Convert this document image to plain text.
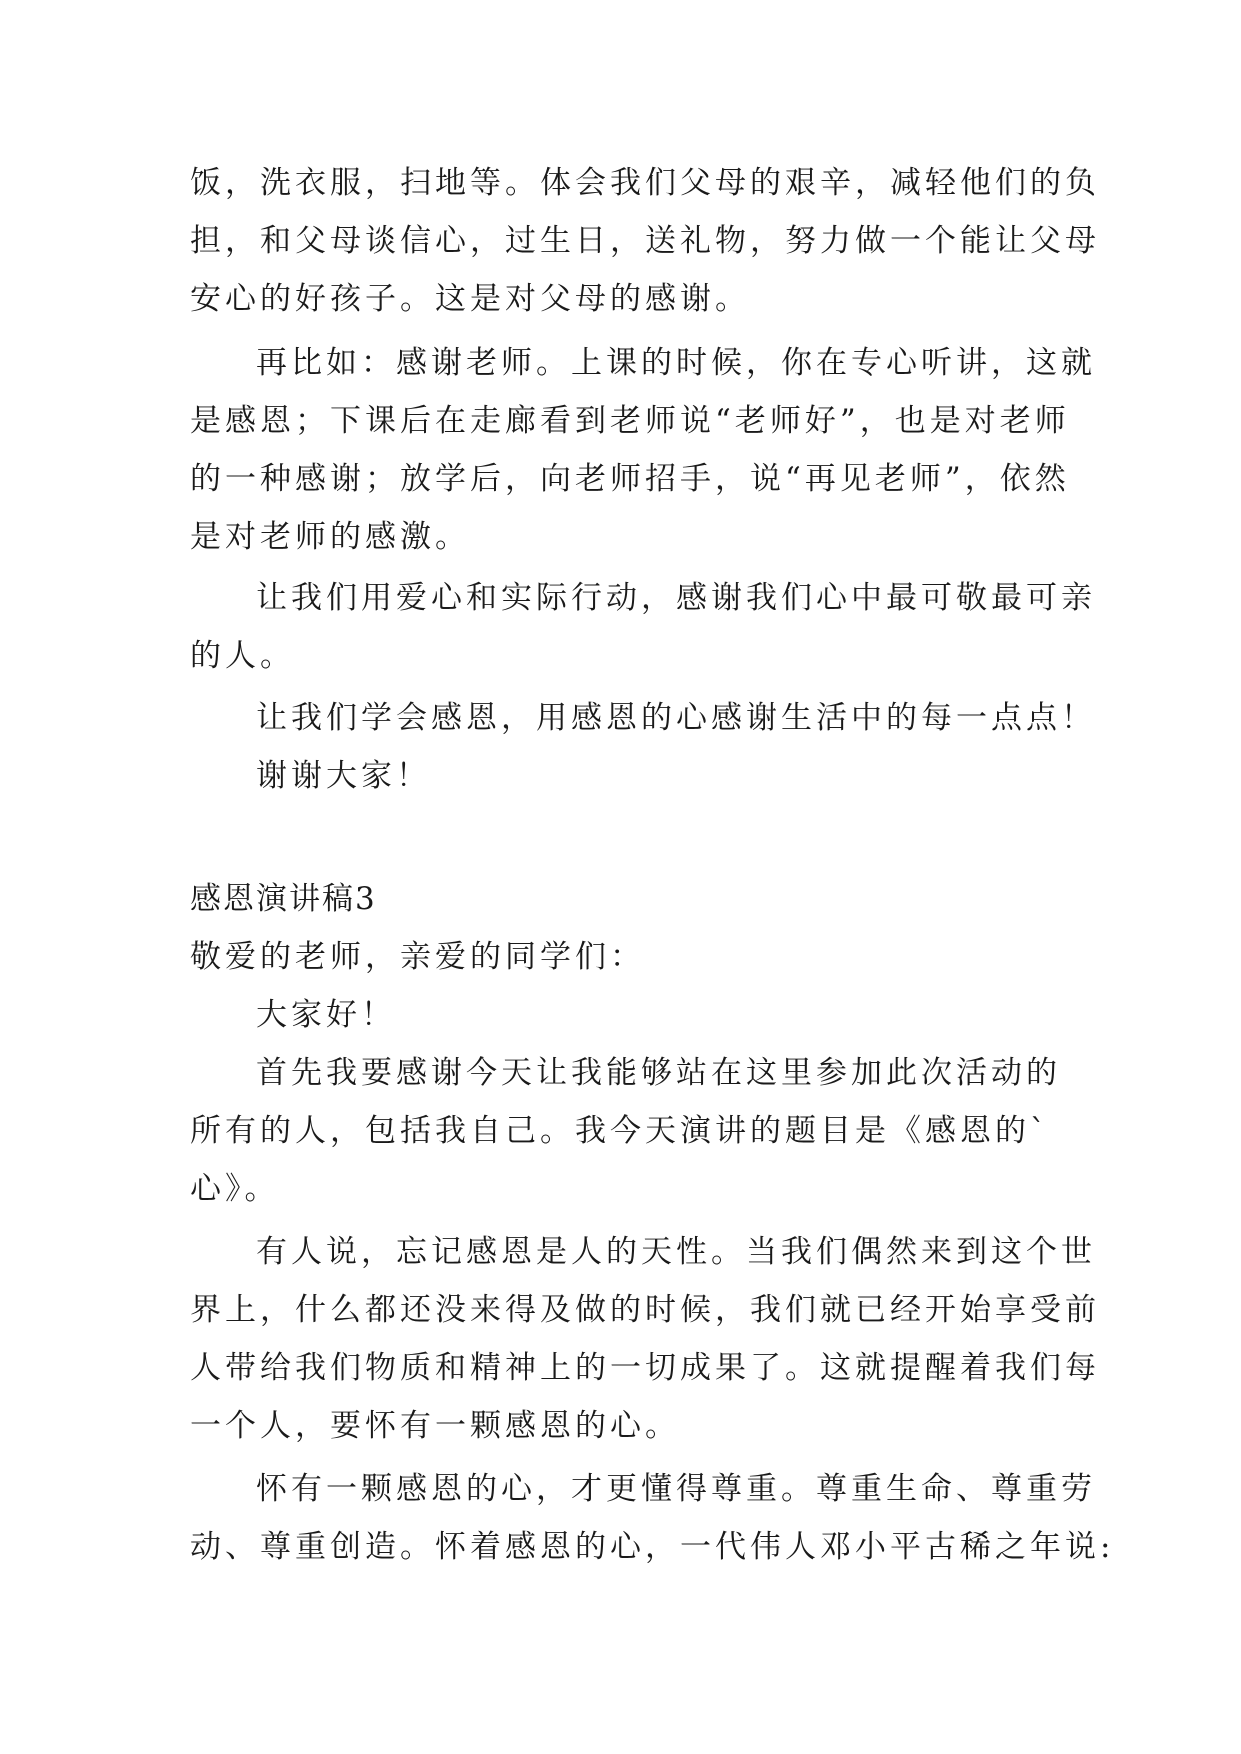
饭，洗衣服，扫地等。体会我们父母的艰辛，减轻他们的负
担，和父母谈信心，过生日，送礼物，努力做一个能让父母
安心的好孩子。这是对父母的感谢。
再比如：感谢老师。上课的时候，你在专心听讲，这就
是感恩；下课后在走廊看到老师说“老师好”，也是对老师
的一种感谢；放学后，向老师招手，说“再见老师”，依然
是对老师的感激。
让我们用爱心和实际行动，感谢我们心中最可敬最可亲
的人。
让我们学会感恩，用感恩的心感谢生活中的每一点点！
谢谢大家！
感恩演讲稿3
敬爱的老师，亲爱的同学们：
大家好！
首先我要感谢今天让我能够站在这里参加此次活动的
所有的人，包括我自己。我今天演讲的题目是《感恩的`
心》。
有人说，忘记感恩是人的天性。当我们偶然来到这个世
界上，什么都还没来得及做的时候，我们就已经开始享受前
人带给我们物质和精神上的一切成果了。这就提醒着我们每
一个人，要怀有一颗感恩的心。
怀有一颗感恩的心，才更懂得尊重。尊重生命、尊重劳
动、尊重创造。怀着感恩的心，一代伟人邓小平古稀之年说:
